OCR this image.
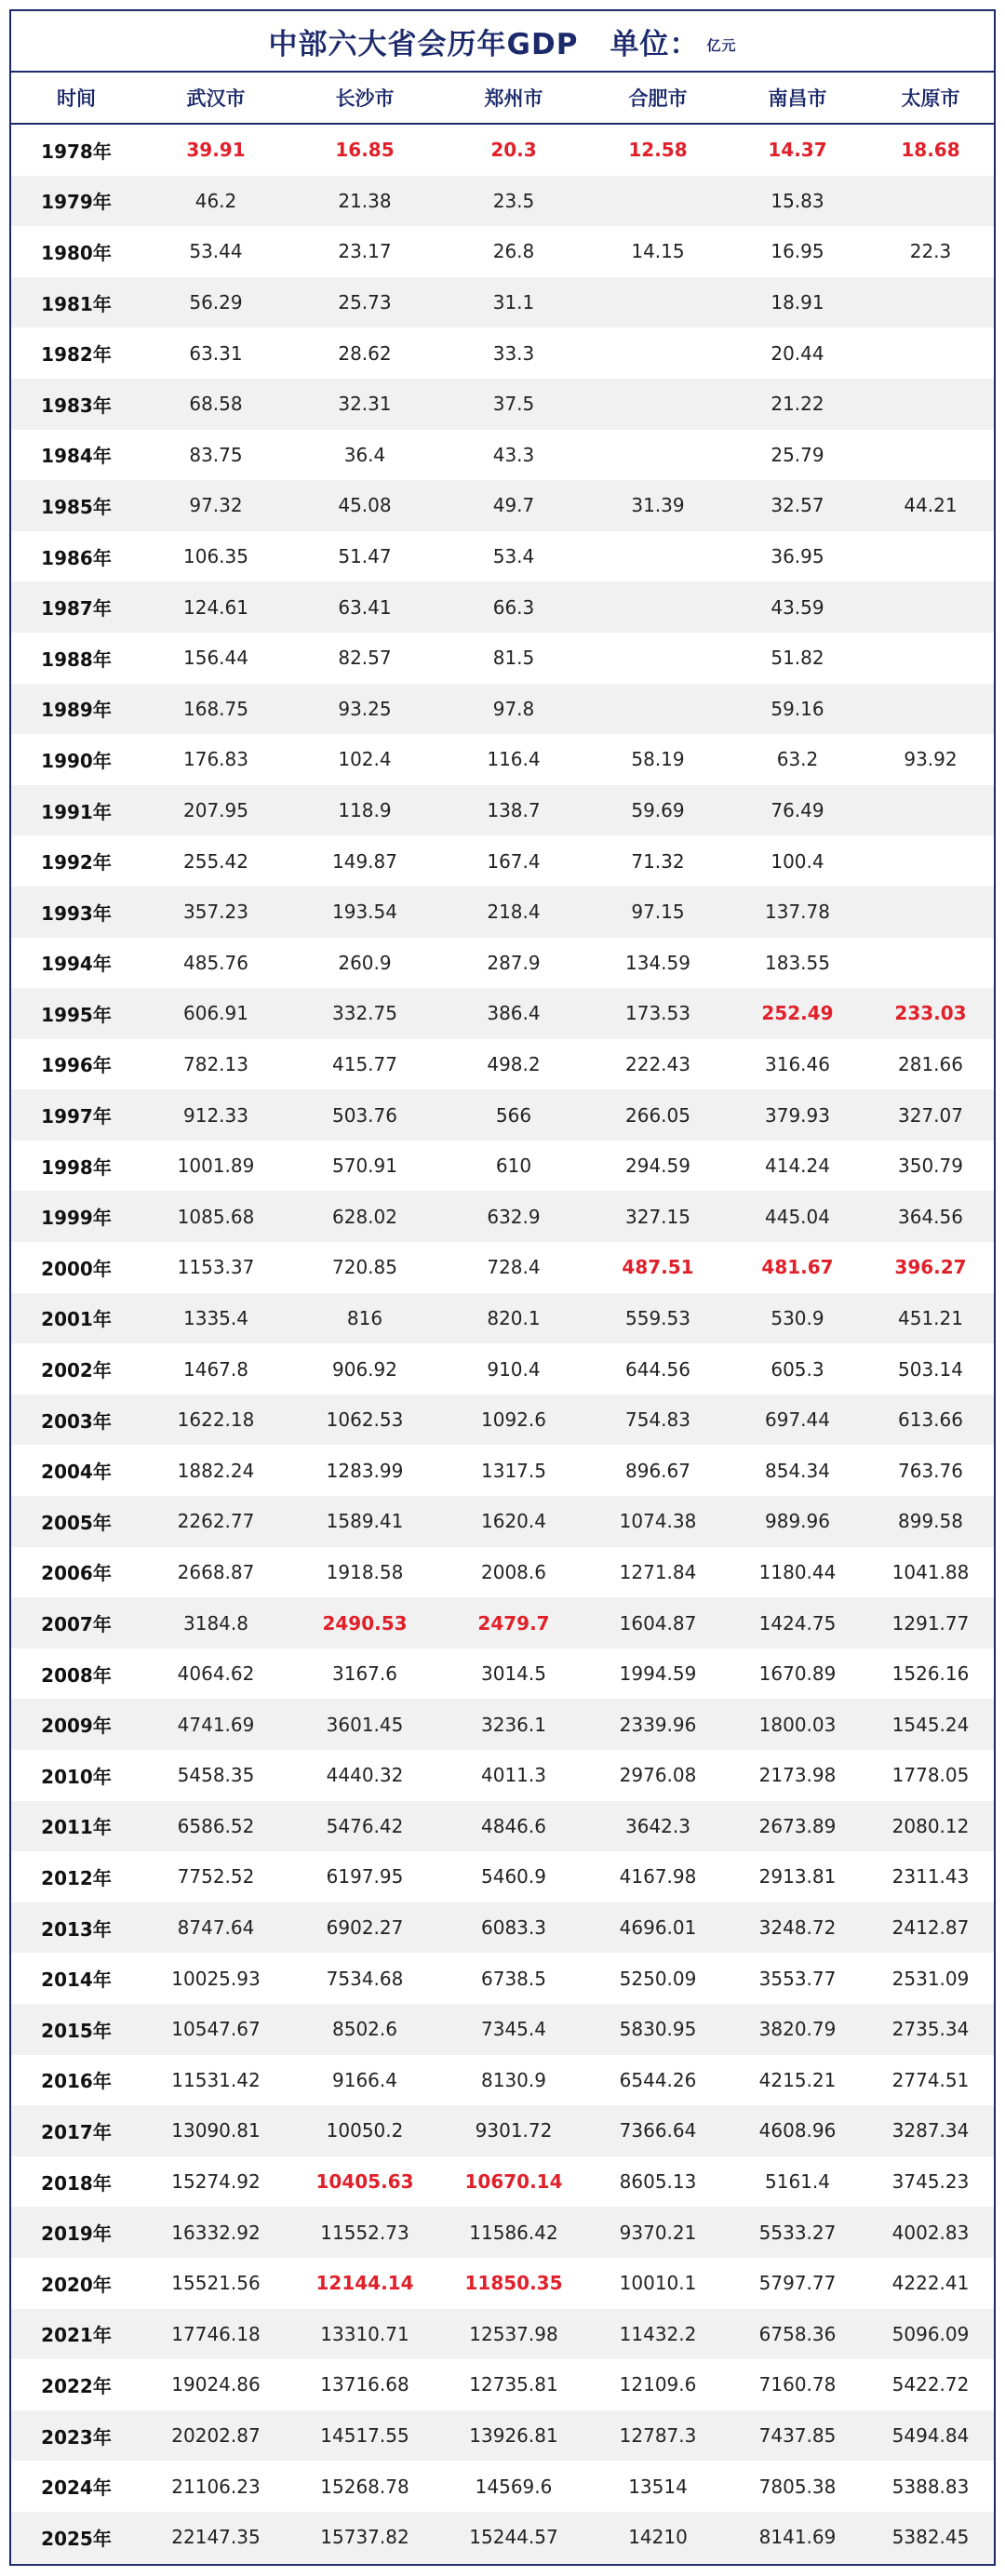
中部六大省会历年GDP 单位： 亿元
时间	武汉市	长沙市	郑州市	合肥市	南昌市	太原市
1978年	39.91	16.85	20.3	12.58	14.37	18.68
1979年	46.2	21.38	23.5		15.83	
1980年	53.44	23.17	26.8	14.15	16.95	22.3
1981年	56.29	25.73	31.1		18.91	
1982年	63.31	28.62	33.3		20.44	
1983年	68.58	32.31	37.5		21.22	
1984年	83.75	36.4	43.3		25.79	
1985年	97.32	45.08	49.7	31.39	32.57	44.21
1986年	106.35	51.47	53.4		36.95	
1987年	124.61	63.41	66.3		43.59	
1988年	156.44	82.57	81.5		51.82	
1989年	168.75	93.25	97.8		59.16	
1990年	176.83	102.4	116.4	58.19	63.2	93.92
1991年	207.95	118.9	138.7	59.69	76.49	
1992年	255.42	149.87	167.4	71.32	100.4	
1993年	357.23	193.54	218.4	97.15	137.78	
1994年	485.76	260.9	287.9	134.59	183.55	
1995年	606.91	332.75	386.4	173.53	252.49	233.03
1996年	782.13	415.77	498.2	222.43	316.46	281.66
1997年	912.33	503.76	566	266.05	379.93	327.07
1998年	1001.89	570.91	610	294.59	414.24	350.79
1999年	1085.68	628.02	632.9	327.15	445.04	364.56
2000年	1153.37	720.85	728.4	487.51	481.67	396.27
2001年	1335.4	816	820.1	559.53	530.9	451.21
2002年	1467.8	906.92	910.4	644.56	605.3	503.14
2003年	1622.18	1062.53	1092.6	754.83	697.44	613.66
2004年	1882.24	1283.99	1317.5	896.67	854.34	763.76
2005年	2262.77	1589.41	1620.4	1074.38	989.96	899.58
2006年	2668.87	1918.58	2008.6	1271.84	1180.44	1041.88
2007年	3184.8	2490.53	2479.7	1604.87	1424.75	1291.77
2008年	4064.62	3167.6	3014.5	1994.59	1670.89	1526.16
2009年	4741.69	3601.45	3236.1	2339.96	1800.03	1545.24
2010年	5458.35	4440.32	4011.3	2976.08	2173.98	1778.05
2011年	6586.52	5476.42	4846.6	3642.3	2673.89	2080.12
2012年	7752.52	6197.95	5460.9	4167.98	2913.81	2311.43
2013年	8747.64	6902.27	6083.3	4696.01	3248.72	2412.87
2014年	10025.93	7534.68	6738.5	5250.09	3553.77	2531.09
2015年	10547.67	8502.6	7345.4	5830.95	3820.79	2735.34
2016年	11531.42	9166.4	8130.9	6544.26	4215.21	2774.51
2017年	13090.81	10050.2	9301.72	7366.64	4608.96	3287.34
2018年	15274.92	10405.63	10670.14	8605.13	5161.4	3745.23
2019年	16332.92	11552.73	11586.42	9370.21	5533.27	4002.83
2020年	15521.56	12144.14	11850.35	10010.1	5797.77	4222.41
2021年	17746.18	13310.71	12537.98	11432.2	6758.36	5096.09
2022年	19024.86	13716.68	12735.81	12109.6	7160.78	5422.72
2023年	20202.87	14517.55	13926.81	12787.3	7437.85	5494.84
2024年	21106.23	15268.78	14569.6	13514	7805.38	5388.83
2025年	22147.35	15737.82	15244.57	14210	8141.69	5382.45
